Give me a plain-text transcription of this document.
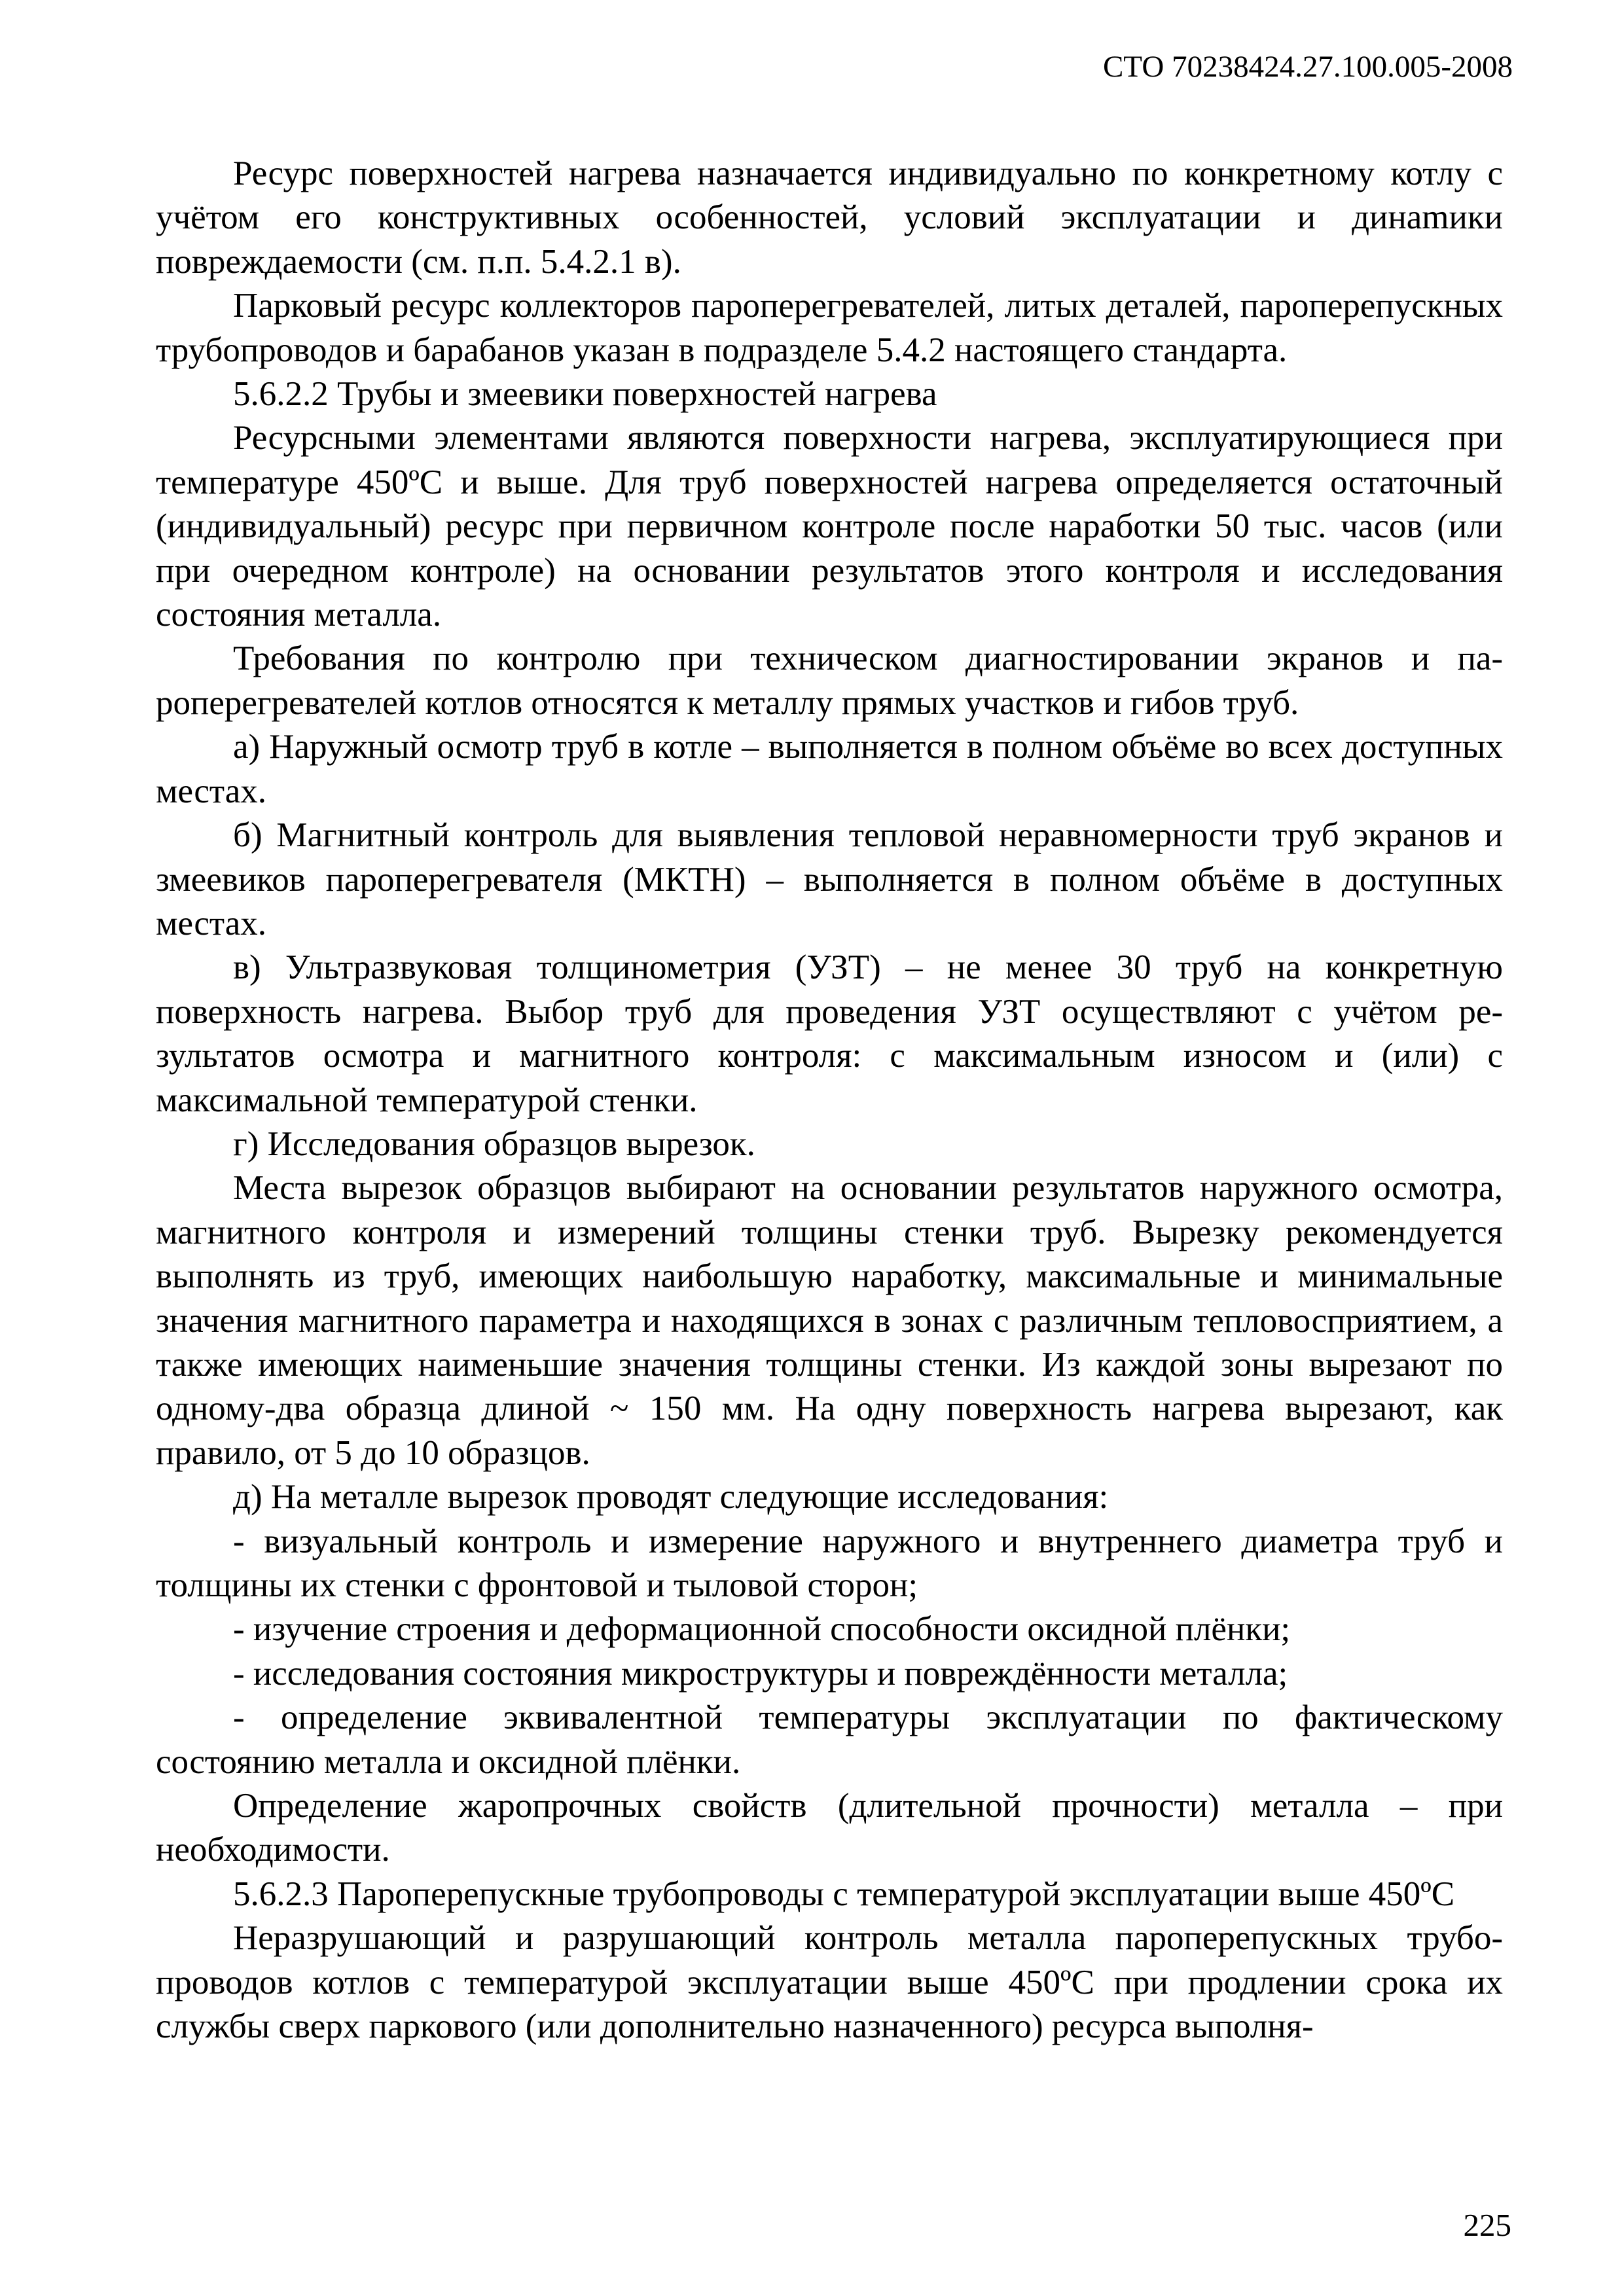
СТО 70238424.27.100.005-2008

Ресурс поверхностей нагрева назначается индивидуально по конкретному котлу с учётом его конструктивных особенностей, условий эксплуатации и динаmики повреждаемости (см. п.п. 5.4.2.1 в).

Парковый ресурс коллекторов пароперегревателей, литых деталей, пароперепускных трубопроводов и барабанов указан в подразделе 5.4.2 настоящего стандарта.

5.6.2.2 Трубы и змеевики поверхностей нагрева

Ресурсными элементами являются поверхности нагрева, эксплуатирующиеся при температуре 450ºС и выше. Для труб поверхностей нагрева определяется остаточный (индивидуальный) ресурс при первичном контроле после наработки 50 тыс. часов (или при очередном контроле) на основании результатов этого контроля и исследования состояния металла.

Требования по контролю при техническом диагностировании экранов и пароперегревателей котлов относятся к металлу прямых участков и гибов труб.

а) Наружный осмотр труб в котле – выполняется в полном объёме во всех доступных местах.

б) Магнитный контроль для выявления тепловой неравномерности труб экранов и змеевиков пароперегревателя (МКТН) – выполняется в полном объёме в доступных местах.

в) Ультразвуковая толщинометрия (УЗТ) – не менее 30 труб на конкретную поверхность нагрева. Выбор труб для проведения УЗТ осуществляют с учётом результатов осмотра и магнитного контроля: с максимальным износом и (или) с максимальной температурой стенки.

г) Исследования образцов вырезок.

Места вырезок образцов выбирают на основании результатов наружного осмотра, магнитного контроля и измерений толщины стенки труб. Вырезку рекомендуется выполнять из труб, имеющих наибольшую наработку, максимальные и минимальные значения магнитного параметра и находящихся в зонах с различным тепловосприятием, а также имеющих наименьшие значения толщины стенки. Из каждой зоны вырезают по одному-два образца длиной ~ 150 мм. На одну поверхность нагрева вырезают, как правило, от 5 до 10 образцов.

д) На металле вырезок проводят следующие исследования:

- визуальный контроль и измерение наружного и внутреннего диаметра труб и толщины их стенки с фронтовой и тыловой сторон;

- изучение строения и деформационной способности оксидной плёнки;

- исследования состояния микроструктуры и повреждённости металла;

- определение эквивалентной температуры эксплуатации по фактическому состоянию металла и оксидной плёнки.

Определение жаропрочных свойств (длительной прочности) металла – при необходимости.

5.6.2.3 Пароперепускные трубопроводы с температурой эксплуатации выше 450ºС

Неразрушающий и разрушающий контроль металла пароперепускных трубопроводов котлов с температурой эксплуатации выше 450ºС при продлении срока их службы сверх паркового (или дополнительно назначенного) ресурса выполня-

225
